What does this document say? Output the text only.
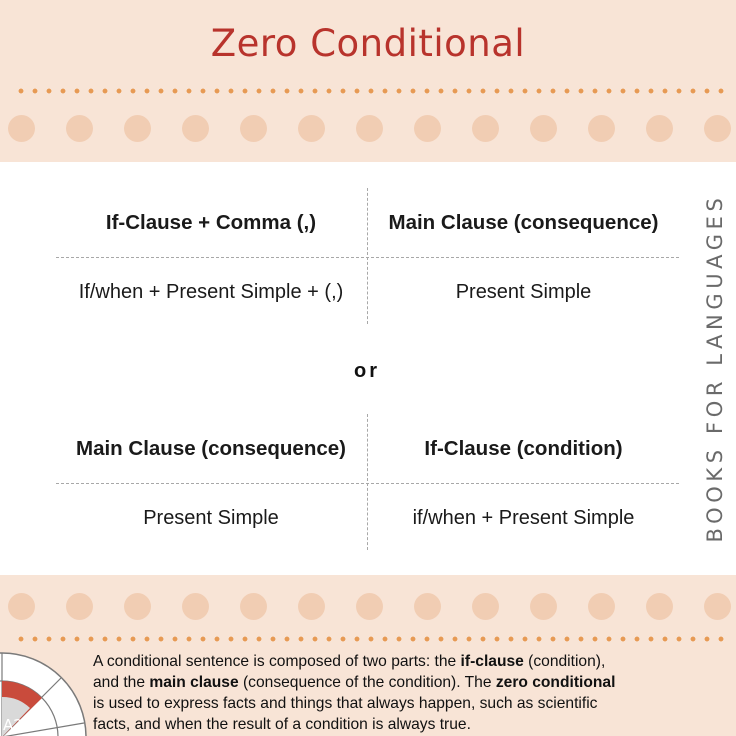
Zero Conditional
If-Clause + Comma (,)	Main Clause (consequence)
If/when + Present Simple + (,)	Present Simple
or
Main Clause (consequence)	If-Clause (condition)
Present Simple	if/when + Present Simple	BOOKS FOR LANGUAGES
A2
A conditional sentence is composed of two parts: the if-clause (condition),
and the main clause (consequence of the condition). The zero conditional
is used to express facts and things that always happen, such as scientific
facts, and when the result of a condition is always true.
